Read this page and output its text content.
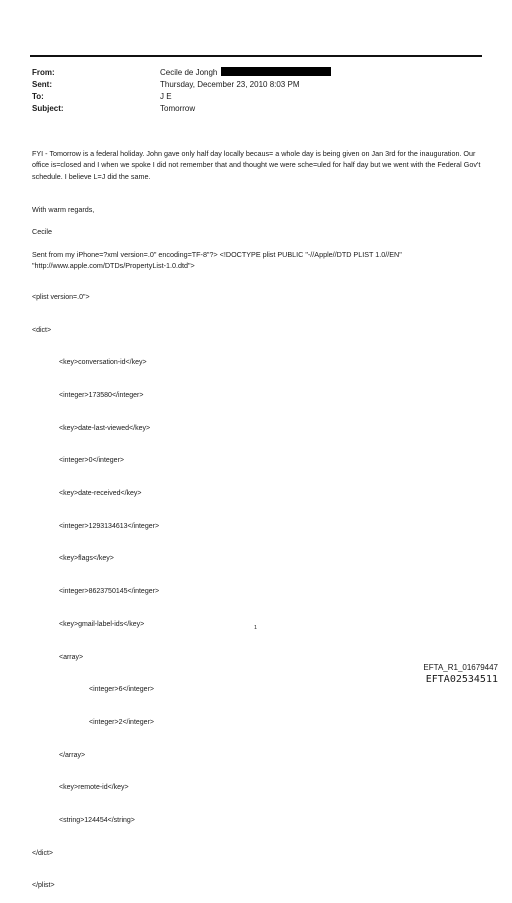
From:	Cecile de Jongh
Sent:	Thursday, December 23, 2010 8:03 PM
To:	J E
Subject:	Tomorrow

FYI - Tomorrow is a federal holiday. John gave only half day locally becaus= a whole day is being given on Jan 3rd for the inauguration. Our office is=closed and I when we spoke I did not remember that and thought we were sche=uled for half day but we went with the Federal Gov't schedule. I believe L=J did the same.

With warm regards,
Cecile
Sent from my iPhone=?xml version=.0" encoding=TF-8"?> <!DOCTYPE plist PUBLIC "-//Apple//DTD PLIST 1.0//EN"
"http://www.apple.com/DTDs/PropertyList-1.0.dtd">

<plist version=.0">

<dict>

<key>conversation-id</key>

<integer>173580</integer>

<key>date-last-viewed</key>

<integer>0</integer>

<key>date-received</key>

<integer>1293134613</integer>

<key>flags</key>

<integer>8623750145</integer>

<key>gmail-label-ids</key>

<array>

<integer>6</integer>

<integer>2</integer>

</array>

<key>remote-id</key>

<string>124454</string>

</dict>

</plist>

1
EFTA_R1_01679447
EFTA02534511
